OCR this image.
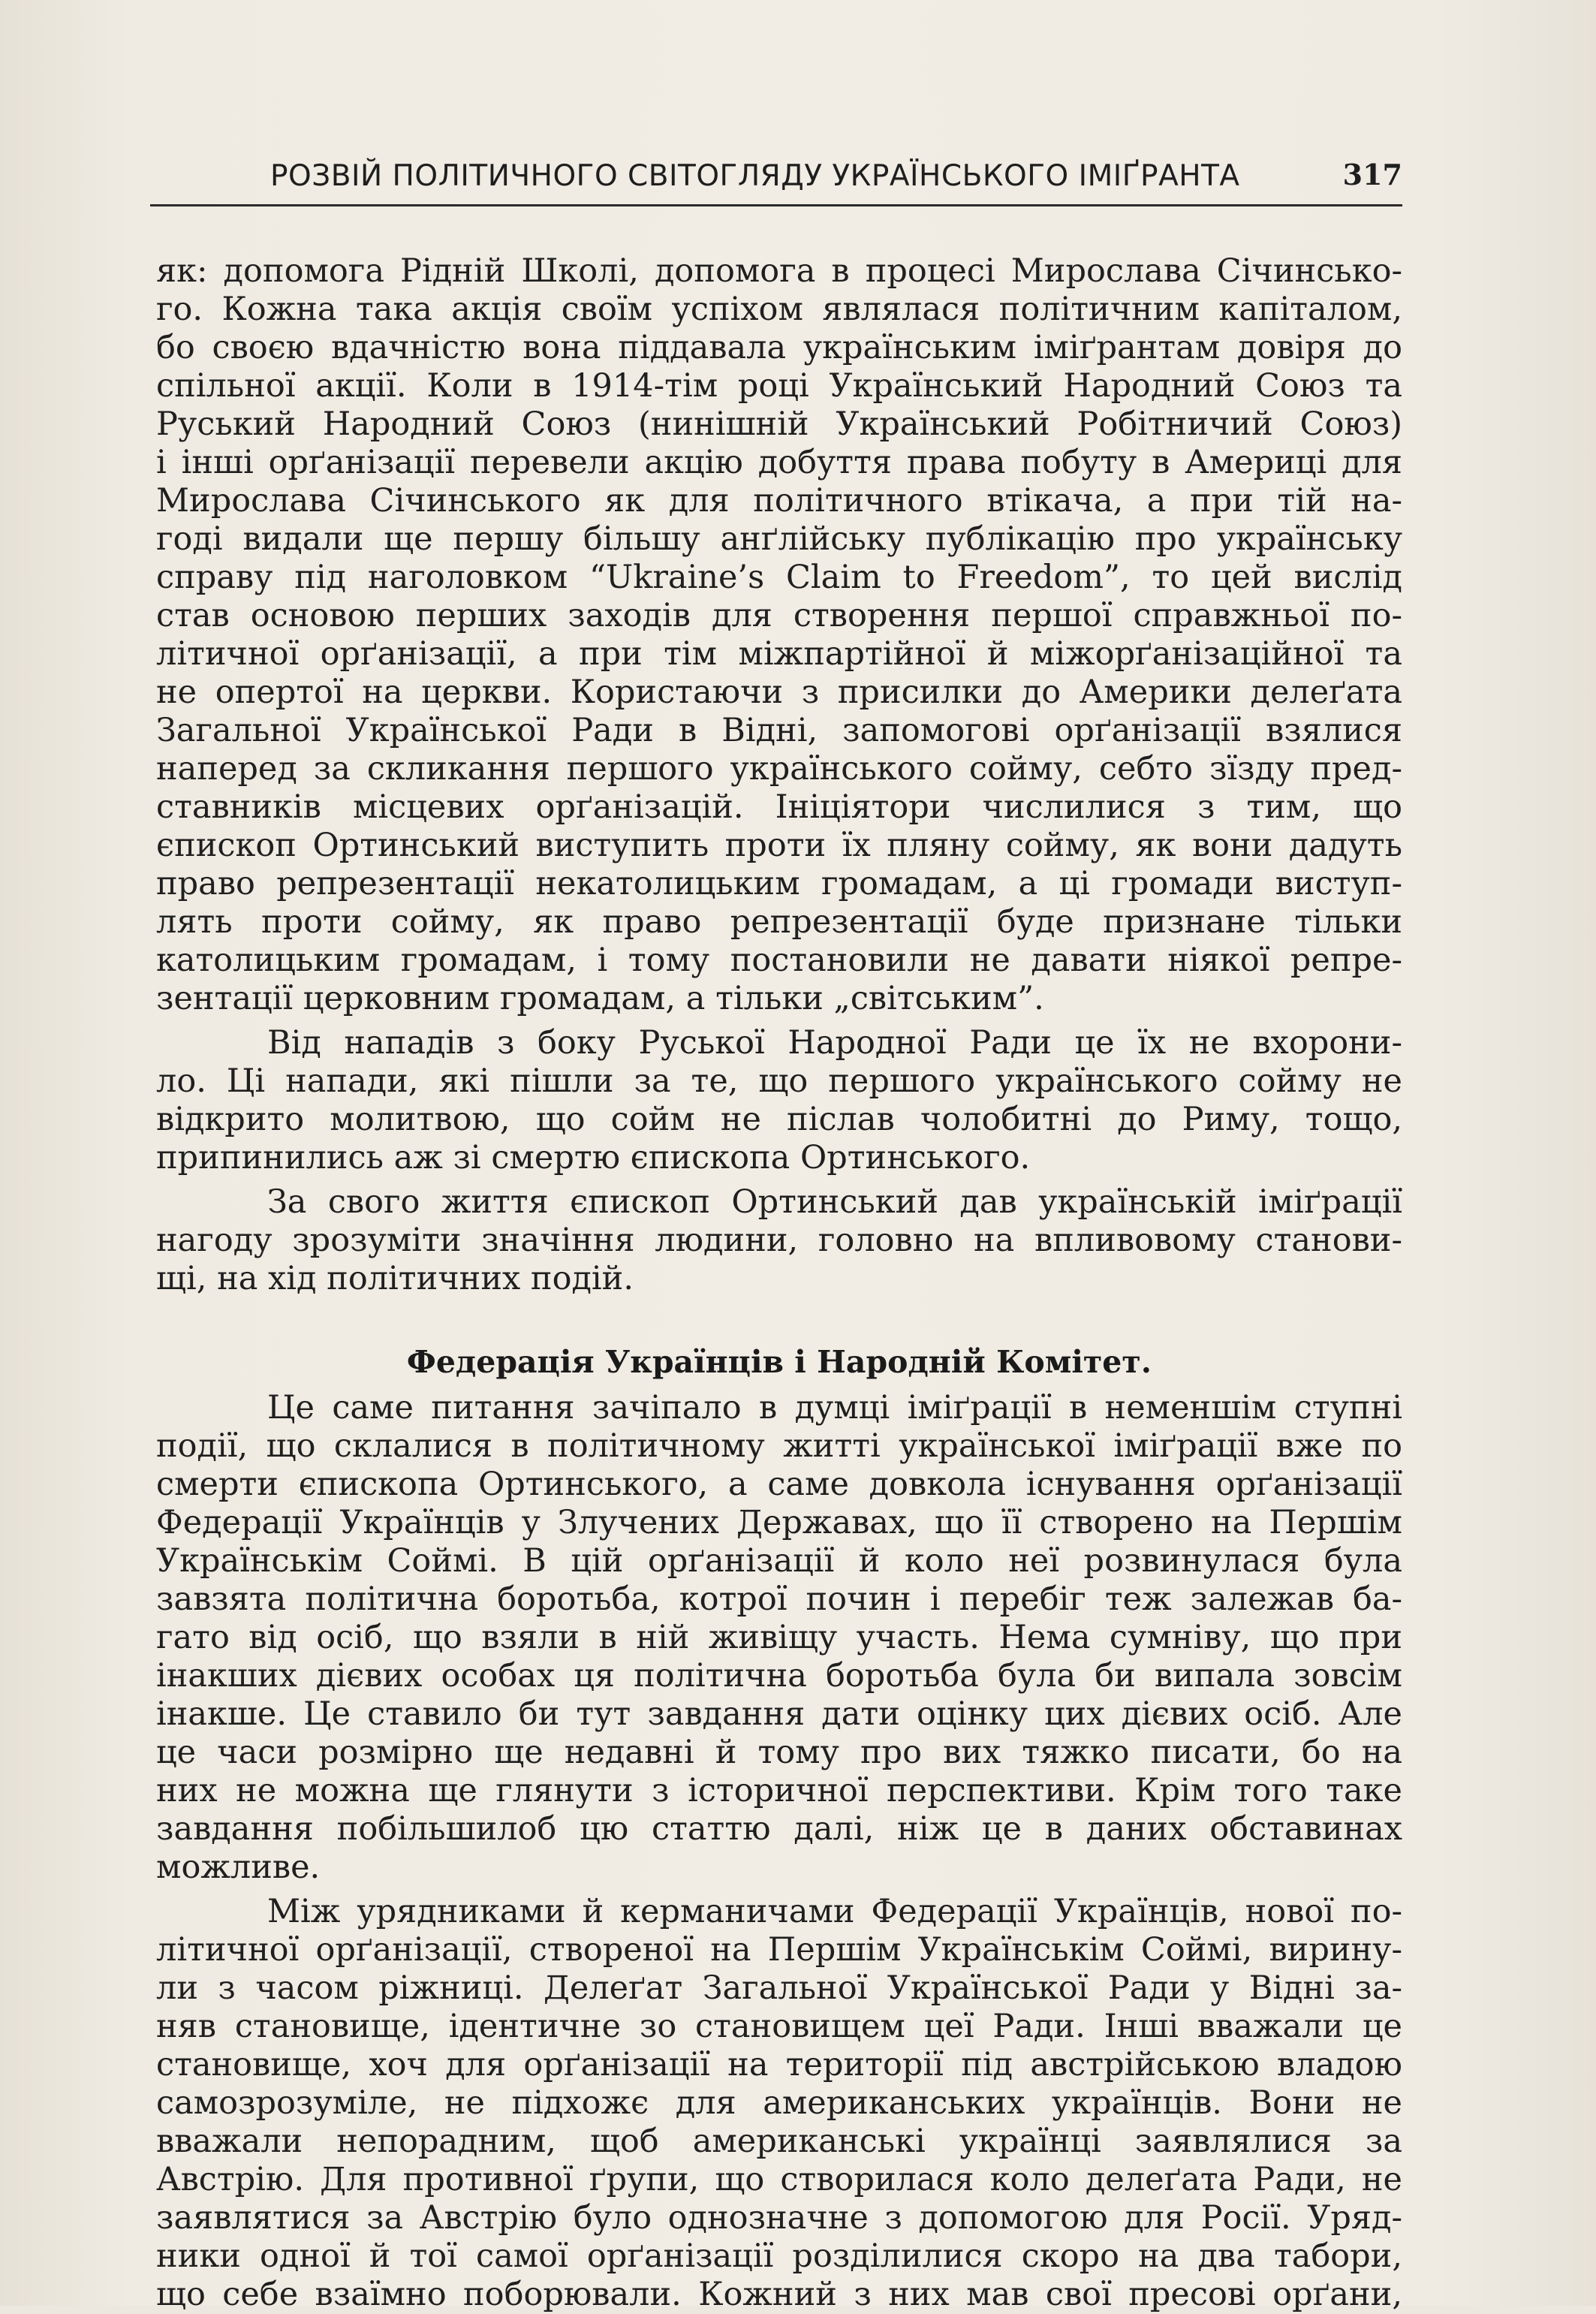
РОЗВІЙ ПОЛІТИЧНОГО СВІТОГЛЯДУ УКРАЇНСЬКОГО ІМІҐРАНТА	317

як: допомога Рідній Школі, допомога в процесі Мирослава Січинсько-
го. Кожна така акція своїм успіхом являлася політичним капіталом,
бо своєю вдачністю вона піддавала українським іміґрантам довіря до
спільної акції. Коли в 1914-тім році Український Народний Союз та
Руський Народний Союз (нинішній Український Робітничий Союз)
і інші орґанізації перевели акцію добуття права побуту в Америці для
Мирослава Січинського як для політичного втікача, а при тій на-
годі видали ще першу більшу анґлійську публікацію про українську
справу під наголовком “Ukraine’s Claim to Freedom”, то цей вислід
став основою перших заходів для створення першої справжньої по-
літичної орґанізації, а при тім міжпартійної й міжорґанізаційної та
не опертої на церкви. Користаючи з присилки до Америки делеґата
Загальної Української Ради в Відні, запомогові орґанізації взялися
наперед за скликання першого українського сойму, себто зїзду пред-
ставників місцевих орґанізацій. Ініціятори числилися з тим, що
єпископ Ортинський виступить проти їх пляну сойму, як вони дадуть
право репрезентації некатолицьким громадам, а ці громади виступ-
лять проти сойму, як право репрезентації буде признане тільки
католицьким громадам, і тому постановили не давати ніякої репре-
зентації церковним громадам, а тільки „світським”.

Від нападів з боку Руської Народної Ради це їх не вхорони-
ло. Ці напади, які пішли за те, що першого українського сойму не
відкрито молитвою, що сойм не післав чолобитні до Риму, тощо,
припинились аж зі смертю єпископа Ортинського.

За свого життя єпископ Ортинський дав українській іміґрації
нагоду зрозуміти значіння людини, головно на впливовому станови-
щі, на хід політичних подій.

Федерація Українців і Народній Комітет.

Це саме питання зачіпало в думці іміґрації в неменшім ступні
події, що склалися в політичному житті української іміґрації вже по
смерти єпископа Ортинського, а саме довкола існування орґанізації
Федерації Українців у Злучених Державах, що її створено на Першім
Українськім Соймі. В цій орґанізації й коло неї розвинулася була
завзята політична боротьба, котрої почин і перебіг теж залежав ба-
гато від осіб, що взяли в ній живіщу участь. Нема сумніву, що при
інакших дієвих особах ця політична боротьба була би випала зовсім
інакше. Це ставило би тут завдання дати оцінку цих дієвих осіб. Але
це часи розмірно ще недавні й тому про вих тяжко писати, бо на
них не можна ще глянути з історичної перспективи. Крім того таке
завдання побільшилоб цю статтю далі, ніж це в даних обставинах
можливе.

Між урядниками й керманичами Федерації Українців, нової по-
літичної орґанізації, створеної на Першім Українськім Соймі, вирину-
ли з часом ріжниці. Делеґат Загальної Української Ради у Відні за-
няв становище, ідентичне зо становищем цеї Ради. Інші вважали це
становище, хоч для орґанізації на території під австрійською владою
самозрозуміле, не підхожє для американських українців. Вони не
вважали непорадним, щоб американські українці заявлялися за
Австрію. Для противної ґрупи, що створилася коло делеґата Ради, не
заявлятися за Австрію було однозначне з допомогою для Росії. Уряд-
ники одної й тої самої орґанізації розділилися скоро на два табори,
що себе взаїмно поборювали. Кожний з них мав свої пресові орґани,
